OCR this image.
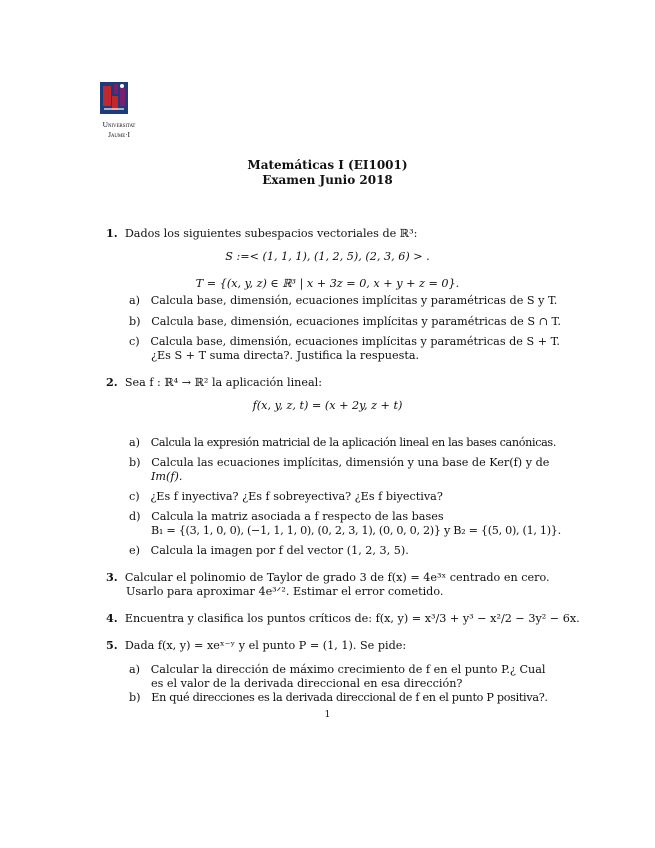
Universitat
Jaume·I
Matemáticas I (EI1001)
Examen Junio 2018
1. Dados los siguientes subespacios vectoriales de ℝ³:
S :=< (1, 1, 1), (1, 2, 5), (2, 3, 6) > .
T = {(x, y, z) ∈ ℝ³ | x + 3z = 0, x + y + z = 0}.
a) Calcula base, dimensión, ecuaciones implícitas y paramétricas de S y T.
b) Calcula base, dimensión, ecuaciones implícitas y paramétricas de S ∩ T.
c) Calcula base, dimensión, ecuaciones implícitas y paramétricas de S + T.
¿Es S + T suma directa?. Justifica la respuesta.
2. Sea f : ℝ⁴ → ℝ² la aplicación lineal:
f(x, y, z, t) = (x + 2y, z + t)
a) Calcula la expresión matricial de la aplicación lineal en las bases canónicas.
b) Calcula las ecuaciones implícitas, dimensión y una base de Ker(f) y de
Im(f).
c) ¿Es f inyectiva? ¿Es f sobreyectiva? ¿Es f biyectiva?
d) Calcula la matriz asociada a f respecto de las bases
B₁ = {(3, 1, 0, 0), (−1, 1, 1, 0), (0, 2, 3, 1), (0, 0, 0, 2)} y B₂ = {(5, 0), (1, 1)}.
e) Calcula la imagen por f del vector (1, 2, 3, 5).
3. Calcular el polinomio de Taylor de grado 3 de f(x) = 4e³ˣ centrado en cero.
Usarlo para aproximar 4e³ᐟ². Estimar el error cometido.
4. Encuentra y clasifica los puntos críticos de: f(x, y) = x³/3 + y³ − x²/2 − 3y² − 6x.
5. Dada f(x, y) = xeˣ⁻ʸ y el punto P = (1, 1). Se pide:
a) Calcular la dirección de máximo crecimiento de f en el punto P.¿ Cual
es el valor de la derivada direccional en esa dirección?
b) En qué direcciones es la derivada direccional de f en el punto P positiva?.
1
